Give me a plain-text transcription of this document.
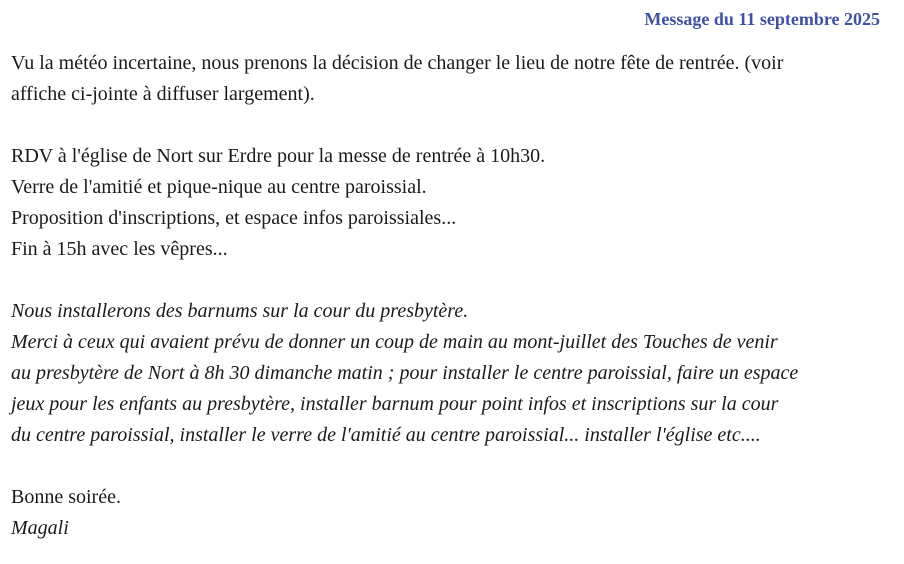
Message du 11 septembre 2025
Vu la météo incertaine, nous prenons la décision de changer le lieu de notre fête de rentrée. (voir
affiche ci-jointe à diffuser largement).
RDV à l'église de Nort sur Erdre pour la messe de rentrée à 10h30.
Verre de l'amitié et pique-nique au centre paroissial.
Proposition d'inscriptions, et espace infos paroissiales...
Fin à 15h avec les vêpres...
Nous installerons des barnums sur la cour du presbytère.
Merci à ceux qui avaient prévu de donner un coup de main au mont-juillet des Touches de venir
au presbytère de Nort à 8h 30 dimanche matin ; pour installer le centre paroissial, faire un espace
jeux pour les enfants au presbytère, installer barnum pour point infos et inscriptions sur la cour
du centre paroissial, installer le verre de l'amitié au centre paroissial... installer l'église etc....
Bonne soirée.
Magali
